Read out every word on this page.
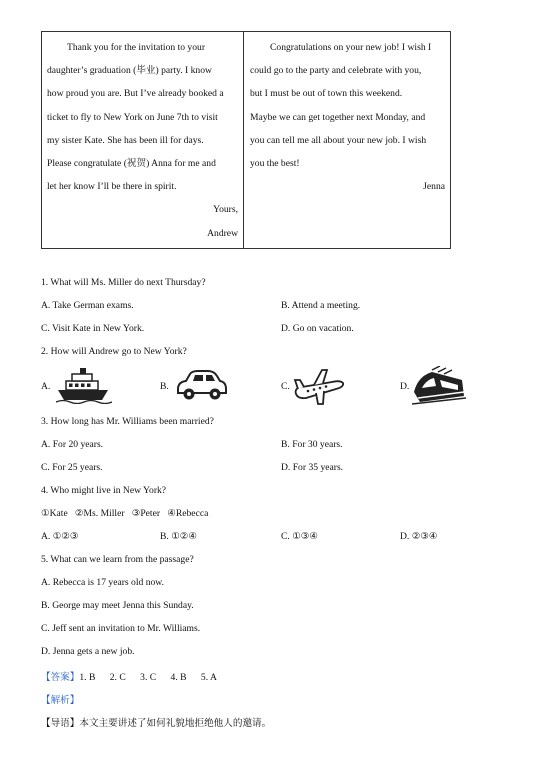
Thank you for the invitation to your
daughter’s graduation (毕业) party. I know
how proud you are. But I’ve already booked a
ticket to fly to New York on June 7th to visit
my sister Kate. She has been ill for days.
Please congratulate (祝贺) Anna for me and
let her know I’ll be there in spirit.
Yours,
Andrew
Congratulations on your new job! I wish I
could go to the party and celebrate with you,
but I must be out of town this weekend.
Maybe we can get together next Monday, and
you can tell me all about your new job. I wish
you the best!
Jenna
1. What will Ms. Miller do next Thursday?
A. Take German exams.	B. Attend a meeting.
C. Visit Kate in New York.	D. Go on vacation.
2. How will Andrew go to New York?
A.	B.	C.	D.
3. How long has Mr. Williams been married?
A. For 20 years.	B. For 30 years.
C. For 25 years.	D. For 35 years.
4. Who might live in New York?
①Kate   ②Ms. Miller   ③Peter   ④Rebecca
A. ①②③	B. ①②④	C. ①③④	D. ②③④
5. What can we learn from the passage?
A. Rebecca is 17 years old now.
B. George may meet Jenna this Sunday.
C. Jeff sent an invitation to Mr. Williams.
D. Jenna gets a new job.
【答案】1. B      2. C      3. C      4. B      5. A
【解析】
【导语】本文主要讲述了如何礼貌地拒绝他人的邀请。
